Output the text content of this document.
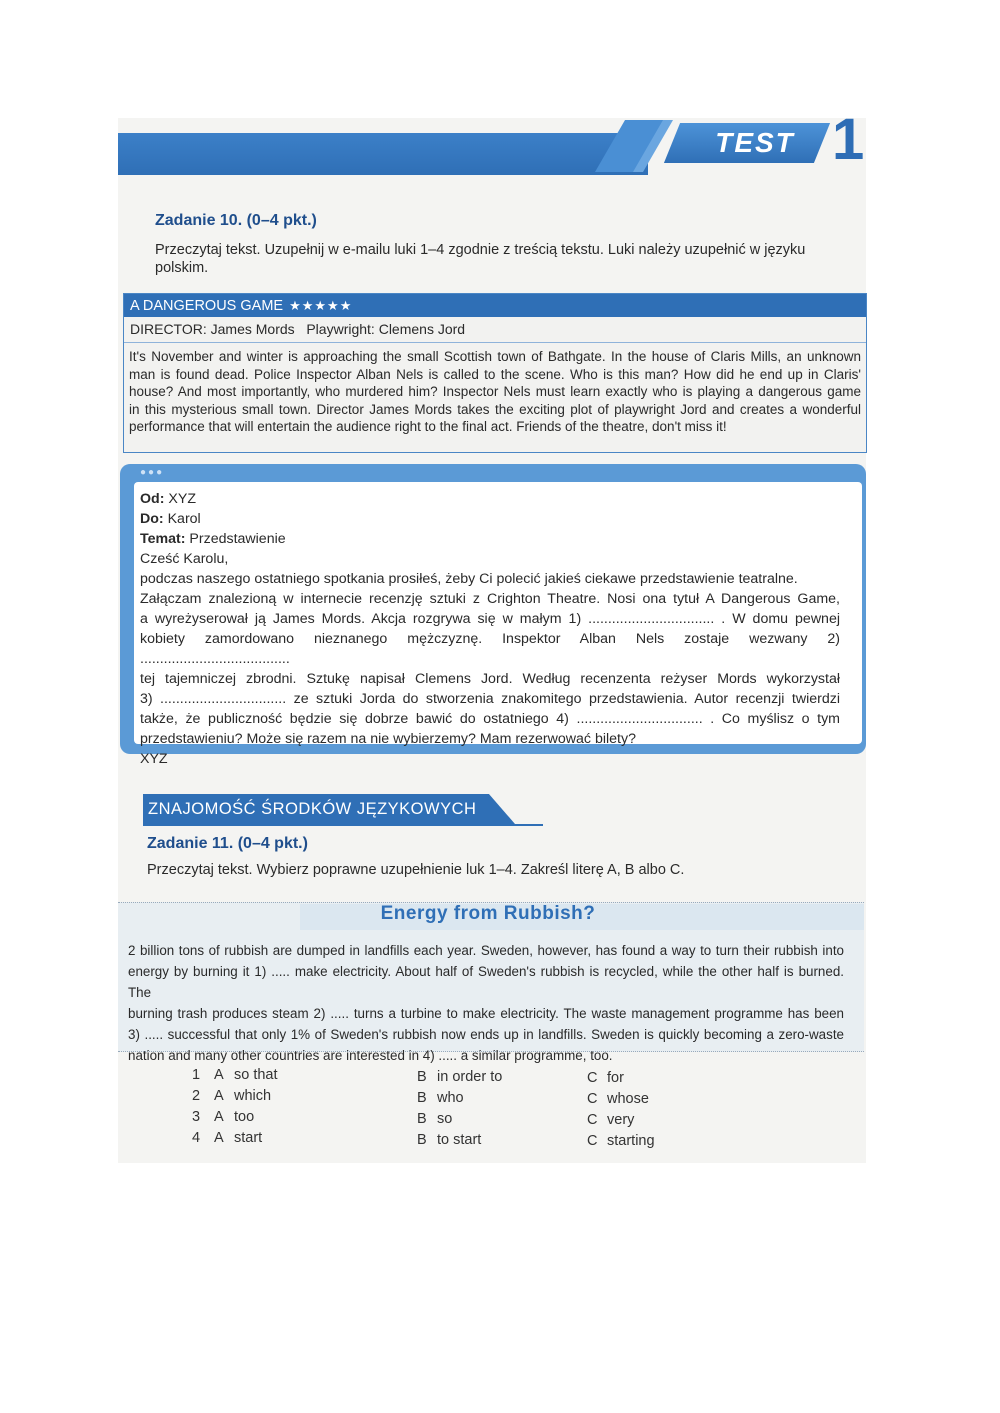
TEST 1
Zadanie 10. (0–4 pkt.)
Przeczytaj tekst. Uzupełnij w e-mailu luki 1–4 zgodnie z treścią tekstu. Luki należy uzupełnić w języku
polskim.
A DANGEROUS GAME ★★★★★
DIRECTOR: James Mords Playwright: Clemens Jord
It's November and winter is approaching the small Scottish town of Bathgate. In the house of Claris Mills, an unknown
man is found dead. Police Inspector Alban Nels is called to the scene. Who is this man? How did he end up in Claris'
house? And most importantly, who murdered him? Inspector Nels must learn exactly who is playing a dangerous game
in this mysterious small town. Director James Mords takes the exciting plot of playwright Jord and creates a wonderful
performance that will entertain the audience right to the final act. Friends of the theatre, don't miss it!
●●●

Od: XYZ

Do: Karol

Temat: Przedstawienie

Cześć Karolu,

podczas naszego ostatniego spotkania prosiłeś, żeby Ci polecić jakieś ciekawe przedstawienie teatralne.

Załączam znalezioną w internecie recenzję sztuki z Crighton Theatre. Nosi ona tytuł A Dangerous Game,

a wyreżyserował ją James Mords. Akcja rozgrywa się w małym 1) ................................ . W domu pewnej

kobiety zamordowano nieznanego mężczyznę. Inspektor Alban Nels zostaje wezwany 2) ......................................

tej tajemniczej zbrodni. Sztukę napisał Clemens Jord. Według recenzenta reżyser Mords wykorzystał

3) ................................ ze sztuki Jorda do stworzenia znakomitego przedstawienia. Autor recenzji twierdzi

także, że publiczność będzie się dobrze bawić do ostatniego 4) ................................ . Co myślisz o tym

przedstawieniu? Może się razem na nie wybierzemy? Mam rezerwować bilety?

XYZ

ZNAJOMOŚĆ ŚRODKÓW JĘZYKOWYCH
Zadanie 11. (0–4 pkt.)
Przeczytaj tekst. Wybierz poprawne uzupełnienie luk 1–4. Zakreśl literę A, B albo C.
Energy from Rubbish?

2 billion tons of rubbish are dumped in landfills each year. Sweden, however, has found a way to turn their rubbish into

energy by burning it 1) ..... make electricity. About half of Sweden's rubbish is recycled, while the other half is burned. The

burning trash produces steam 2) ..... turns a turbine to make electricity. The waste management programme has been

3) ..... successful that only 1% of Sweden's rubbish now ends up in landfills. Sweden is quickly becoming a zero-waste

nation and many other countries are interested in 4) ..... a similar programme, too.

1 A so that
2 A which
3 A too
4 A start
B in order to
B who
B so
B to start
C for
C whose
C very
C starting
